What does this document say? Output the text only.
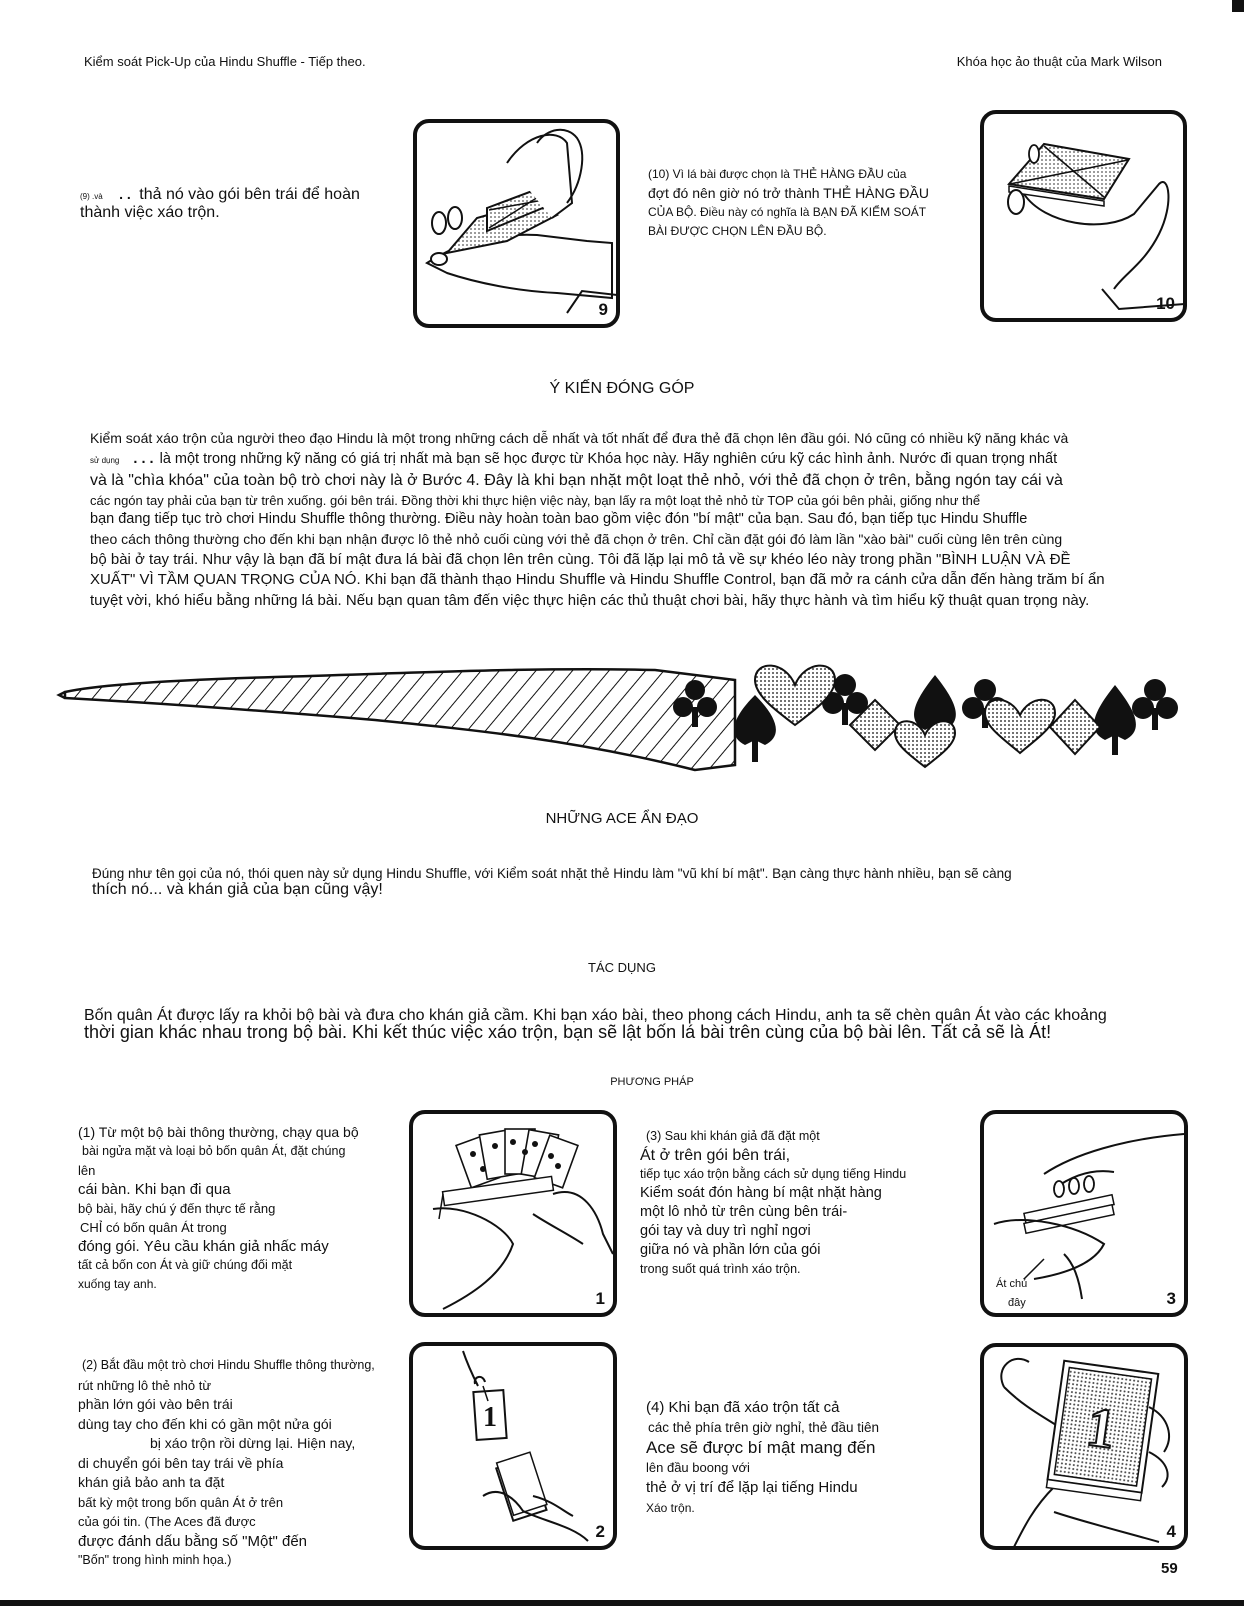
Kiểm soát Pick-Up của Hindu Shuffle - Tiếp theo.	Khóa học ảo thuật của Mark Wilson
(9) .và . . thả nó vào gói bên trái để hoàn
thành việc xáo trộn.
9
(10) Vì lá bài được chọn là THẺ HÀNG ĐẦU của
đợt đó nên giờ nó trở thành THẺ HÀNG ĐẦU
CỦA BỘ. Điều này có nghĩa là BẠN ĐÃ KIỂM SOÁT
BÀI ĐƯỢC CHỌN LÊN ĐẦU BỘ.
10
Ý KIẾN ĐÓNG GÓP
Kiểm soát xáo trộn của người theo đạo Hindu là một trong những cách dễ nhất và tốt nhất để đưa thẻ đã chọn lên đầu gói. Nó cũng có nhiều kỹ năng khác và
sử dụng . . . là một trong những kỹ năng có giá trị nhất mà bạn sẽ học được từ Khóa học này. Hãy nghiên cứu kỹ các hình ảnh. Nước đi quan trọng nhất
và là "chìa khóa" của toàn bộ trò chơi này là ở Bước 4. Đây là khi bạn nhặt một loạt thẻ nhỏ, với thẻ đã chọn ở trên, bằng ngón tay cái và
các ngón tay phải của bạn từ trên xuống. gói bên trái. Đồng thời khi thực hiện việc này, bạn lấy ra một loạt thẻ nhỏ từ TOP của gói bên phải, giống như thể
bạn đang tiếp tục trò chơi Hindu Shuffle thông thường. Điều này hoàn toàn bao gồm việc đón "bí mật" của bạn. Sau đó, bạn tiếp tục Hindu Shuffle
theo cách thông thường cho đến khi bạn nhận được lô thẻ nhỏ cuối cùng với thẻ đã chọn ở trên. Chỉ cần đặt gói đó làm lần "xào bài" cuối cùng lên trên cùng
bộ bài ở tay trái. Như vậy là bạn đã bí mật đưa lá bài đã chọn lên trên cùng. Tôi đã lặp lại mô tả về sự khéo léo này trong phần "BÌNH LUẬN VÀ ĐỀ
XUẤT" VÌ TẦM QUAN TRỌNG CỦA NÓ. Khi bạn đã thành thạo Hindu Shuffle và Hindu Shuffle Control, bạn đã mở ra cánh cửa dẫn đến hàng trăm bí ẩn
tuyệt vời, khó hiểu bằng những lá bài. Nếu bạn quan tâm đến việc thực hiện các thủ thuật chơi bài, hãy thực hành và tìm hiểu kỹ thuật quan trọng này.
NHỮNG ACE ẨN ĐẠO
Đúng như tên gọi của nó, thói quen này sử dụng Hindu Shuffle, với Kiểm soát nhặt thẻ Hindu làm "vũ khí bí mật". Bạn càng thực hành nhiều, bạn sẽ càng
thích nó... và khán giả của bạn cũng vậy!
TÁC DỤNG
Bốn quân Át được lấy ra khỏi bộ bài và đưa cho khán giả cầm. Khi bạn xáo bài, theo phong cách Hindu, anh ta sẽ chèn quân Át vào các khoảng
thời gian khác nhau trong bộ bài. Khi kết thúc việc xáo trộn, bạn sẽ lật bốn lá bài trên cùng của bộ bài lên. Tất cả sẽ là Át!
PHƯƠNG PHÁP
(1) Từ một bộ bài thông thường, chạy qua bộ
bài ngửa mặt và loại bỏ bốn quân Át, đặt chúng
lên
cái bàn. Khi bạn đi qua
bộ bài, hãy chú ý đến thực tế rằng
CHỈ có bốn quân Át trong
đóng gói. Yêu cầu khán giả nhấc máy
tất cả bốn con Át và giữ chúng đối mặt
xuống tay anh.
1
(3) Sau khi khán giả đã đặt một
Át ở trên gói bên trái,
tiếp tục xáo trộn bằng cách sử dụng tiếng Hindu
Kiểm soát đón hàng bí mật nhặt hàng
một lô nhỏ từ trên cùng bên trái-
gói tay và duy trì nghỉ ngơi
giữa nó và phần lớn của gói
trong suốt quá trình xáo trộn.
Át chủ
đây	3
(2) Bắt đầu một trò chơi Hindu Shuffle thông thường,
rút những lô thẻ nhỏ từ
phần lớn gói vào bên trái
dùng tay cho đến khi có gần một nửa gói
bị xáo trộn rồi dừng lại. Hiện nay,
di chuyển gói bên tay trái về phía
khán giả bảo anh ta đặt
bất kỳ một trong bốn quân Át ở trên
của gói tin. (The Aces đã được
được đánh dấu bằng số "Một" đến
"Bốn" trong hình minh họa.)
1
2
(4) Khi bạn đã xáo trộn tất cả
các thẻ phía trên giờ nghỉ, thẻ đầu tiên
Ace sẽ được bí mật mang đến
lên đầu boong với
thẻ ở vị trí để lặp lại tiếng Hindu
Xáo trộn.
1
4
59
